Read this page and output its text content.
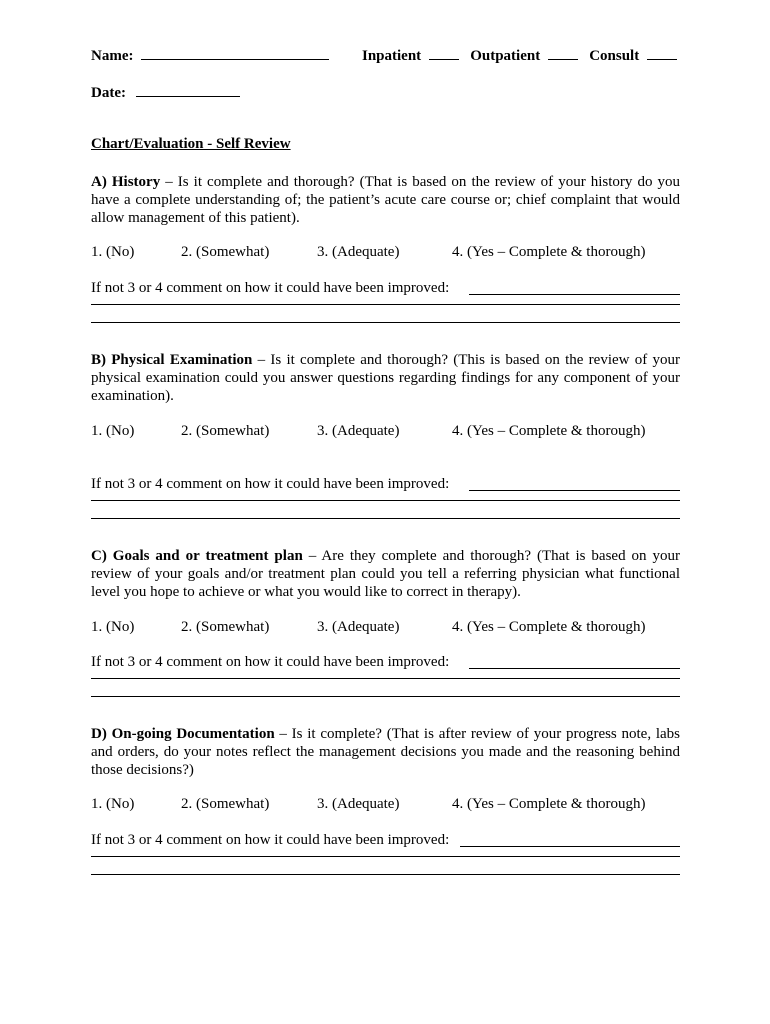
Name:	Inpatient	Outpatient	Consult
Date:
Chart/Evaluation - Self Review

A) History – Is it complete and thorough? (That is based on the review of your history do you have a complete understanding of; the patient’s acute care course or; chief complaint that would allow management of this patient).

1. (No)	2. (Somewhat)	3. (Adequate)	4. (Yes – Complete & thorough)
If not 3 or 4 comment on how it could have been improved:

B) Physical Examination – Is it complete and thorough? (This is based on the review of your physical examination could you answer questions regarding findings for any component of your examination).

1. (No)	2. (Somewhat)	3. (Adequate)	4. (Yes – Complete & thorough)
If not 3 or 4 comment on how it could have been improved:

C) Goals and or treatment plan – Are they complete and thorough? (That is based on your review of your goals and/or treatment plan could you tell a referring physician what functional level you hope to achieve or what you would like to correct in therapy).

1. (No)	2. (Somewhat)	3. (Adequate)	4. (Yes – Complete & thorough)
If not 3 or 4 comment on how it could have been improved:

D) On-going Documentation – Is it complete? (That is after review of your progress note, labs and orders, do your notes reflect the management decisions you made and the reasoning behind those decisions?)

1. (No)	2. (Somewhat)	3. (Adequate)	4. (Yes – Complete & thorough)
If not 3 or 4 comment on how it could have been improved:
